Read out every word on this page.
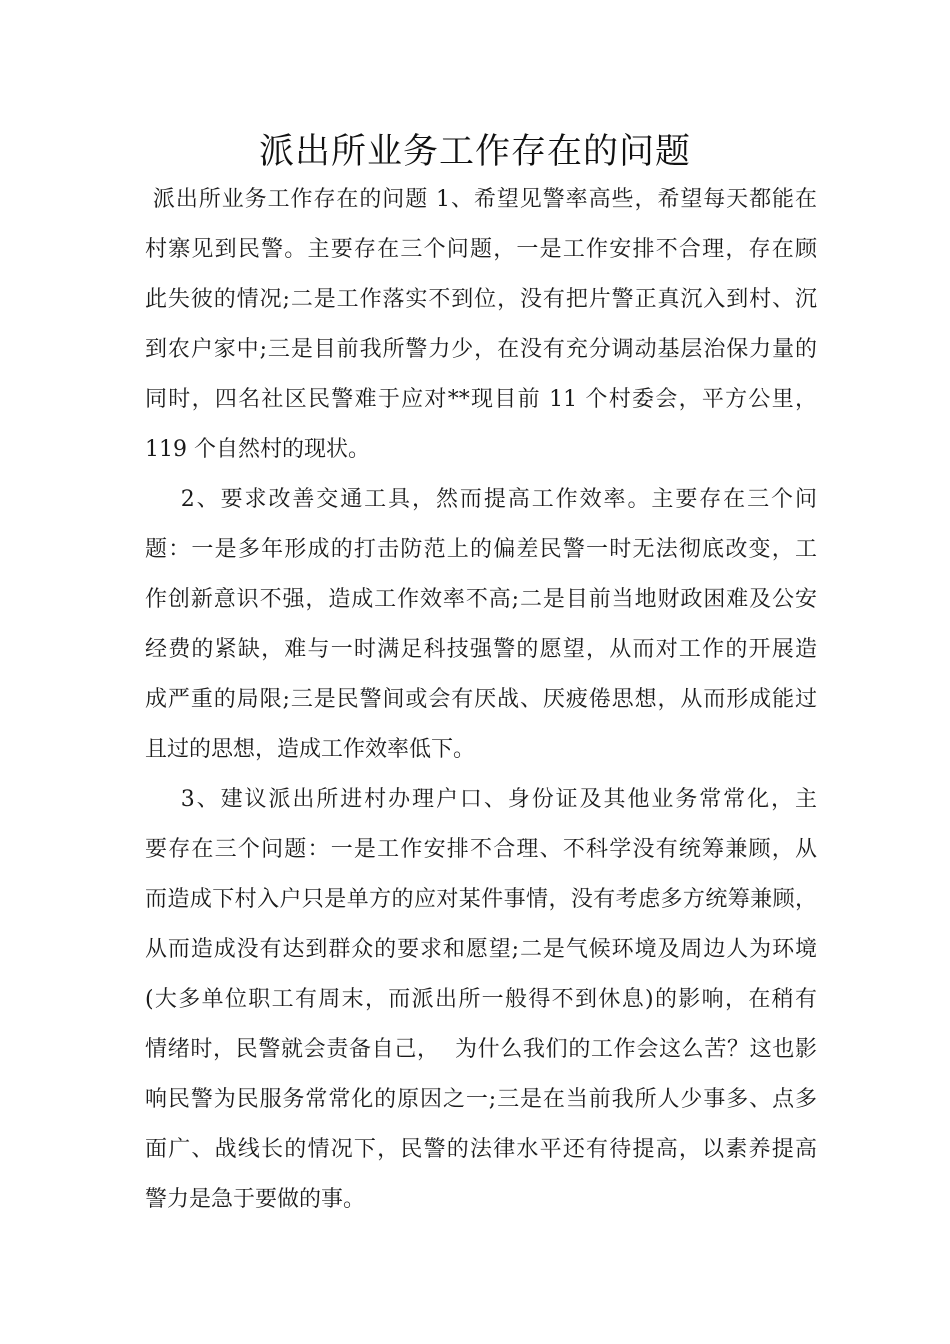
派出所业务工作存在的问题
派出所业务工作存在的问题 1、希望见警率高些，希望每天都能在
村寨见到民警。主要存在三个问题，一是工作安排不合理，存在顾
此失彼的情况;二是工作落实不到位，没有把片警正真沉入到村、沉
到农户家中;三是目前我所警力少，在没有充分调动基层治保力量的
同时，四名社区民警难于应对**现目前 11 个村委会，平方公里，
119 个自然村的现状。
2、要求改善交通工具，然而提高工作效率。主要存在三个问
题：一是多年形成的打击防范上的偏差民警一时无法彻底改变，工
作创新意识不强，造成工作效率不高;二是目前当地财政困难及公安
经费的紧缺，难与一时满足科技强警的愿望，从而对工作的开展造
成严重的局限;三是民警间或会有厌战、厌疲倦思想，从而形成能过
且过的思想，造成工作效率低下。
3、建议派出所进村办理户口、身份证及其他业务常常化，主
要存在三个问题：一是工作安排不合理、不科学没有统筹兼顾，从
而造成下村入户只是单方的应对某件事情，没有考虑多方统筹兼顾，
从而造成没有达到群众的要求和愿望;二是气候环境及周边人为环境
(大多单位职工有周末，而派出所一般得不到休息)的影响，在稍有
情绪时，民警就会责备自己，  为什么我们的工作会这么苦？这也影
响民警为民服务常常化的原因之一;三是在当前我所人少事多、点多
面广、战线长的情况下，民警的法律水平还有待提高，以素养提高
警力是急于要做的事。
